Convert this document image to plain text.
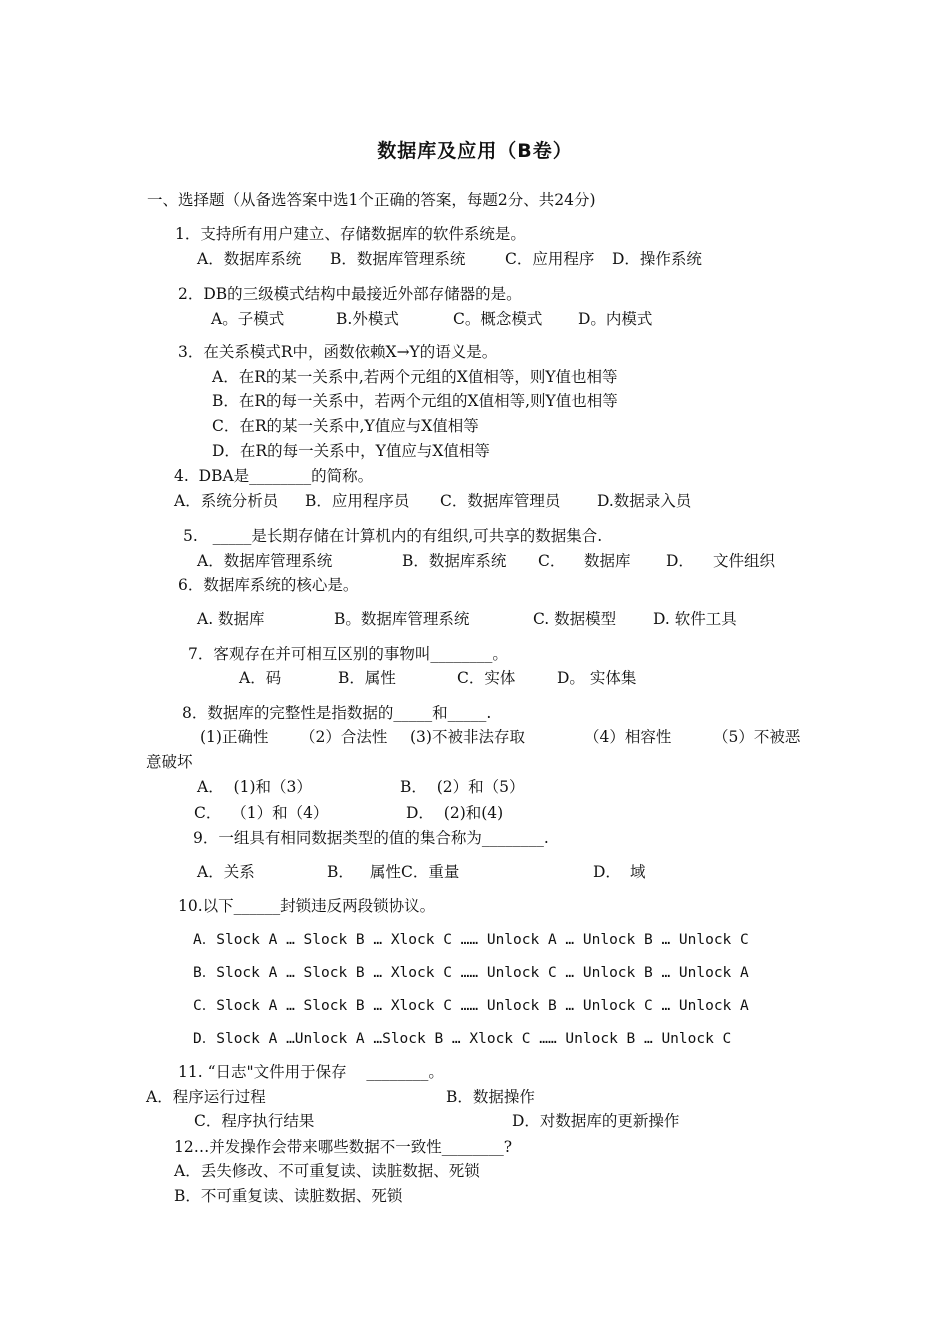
数据库及应用（B卷）
一、选择题（从备选答案中选1个正确的答案，每题2分、共24分)
1．支持所有用户建立、存储数据库的软件系统是。
A．数据库系统 B．数据库管理系统	C．应用程序 D．操作系统
2．DB的三级模式结构中最接近外部存储器的是。
A。子模式	B.外模式	C。概念模式 D。内模式
3．在关系模式R中，函数依赖X→Y的语义是。
A．在R的某一关系中,若两个元组的X值相等，则Y值也相等
B．在R的每一关系中，若两个元组的X值相等,则Y值也相等
C．在R的某一关系中,Y值应与X值相等
D．在R的每一关系中，Y值应与X值相等
4.  DBA是________的简称。
A．系统分析员 B．应用程序员 C．数据库管理员 D.数据录入员
5.   _____是长期存储在计算机内的有组织,可共享的数据集合.
A．数据库管理系统	B．数据库系统 C． 数据库 D． 文件组织
6．数据库系统的核心是。
A. 数据库	B。数据库管理系统	C. 数据模型 D. 软件工具
7．客观存在并可相互区别的事物叫________。
A．码	B．属性	C．实体	D。 实体集
8．数据库的完整性是指数据的_____和_____.
(1)正确性 （2）合法性 (3)不被非法存取	（4）相容性	（5）不被恶
意破坏
A．  (1)和（3）	B．  (2）和（5）
C．  （1）和（4）	D．  (2)和(4)
9．一组具有相同数据类型的值的集合称为________.
A．关系	B． 属性C．重量	D． 域
10.以下______封锁违反两段锁协议。
A．Slock A … Slock B … Xlock C …… Unlock A … Unlock B … Unlock C
B．Slock A … Slock B … Xlock C …… Unlock C … Unlock B … Unlock A
C．Slock A … Slock B … Xlock C …… Unlock B … Unlock C … Unlock A
D．Slock A …Unlock A …Slock B … Xlock C …… Unlock B … Unlock C
11. “日志"文件用于保存    ________。
A．程序运行过程	B．数据操作
C．程序执行结果	D．对数据库的更新操作
12…并发操作会带来哪些数据不一致性________?
A．丢失修改、不可重复读、读脏数据、死锁
B．不可重复读、读脏数据、死锁
